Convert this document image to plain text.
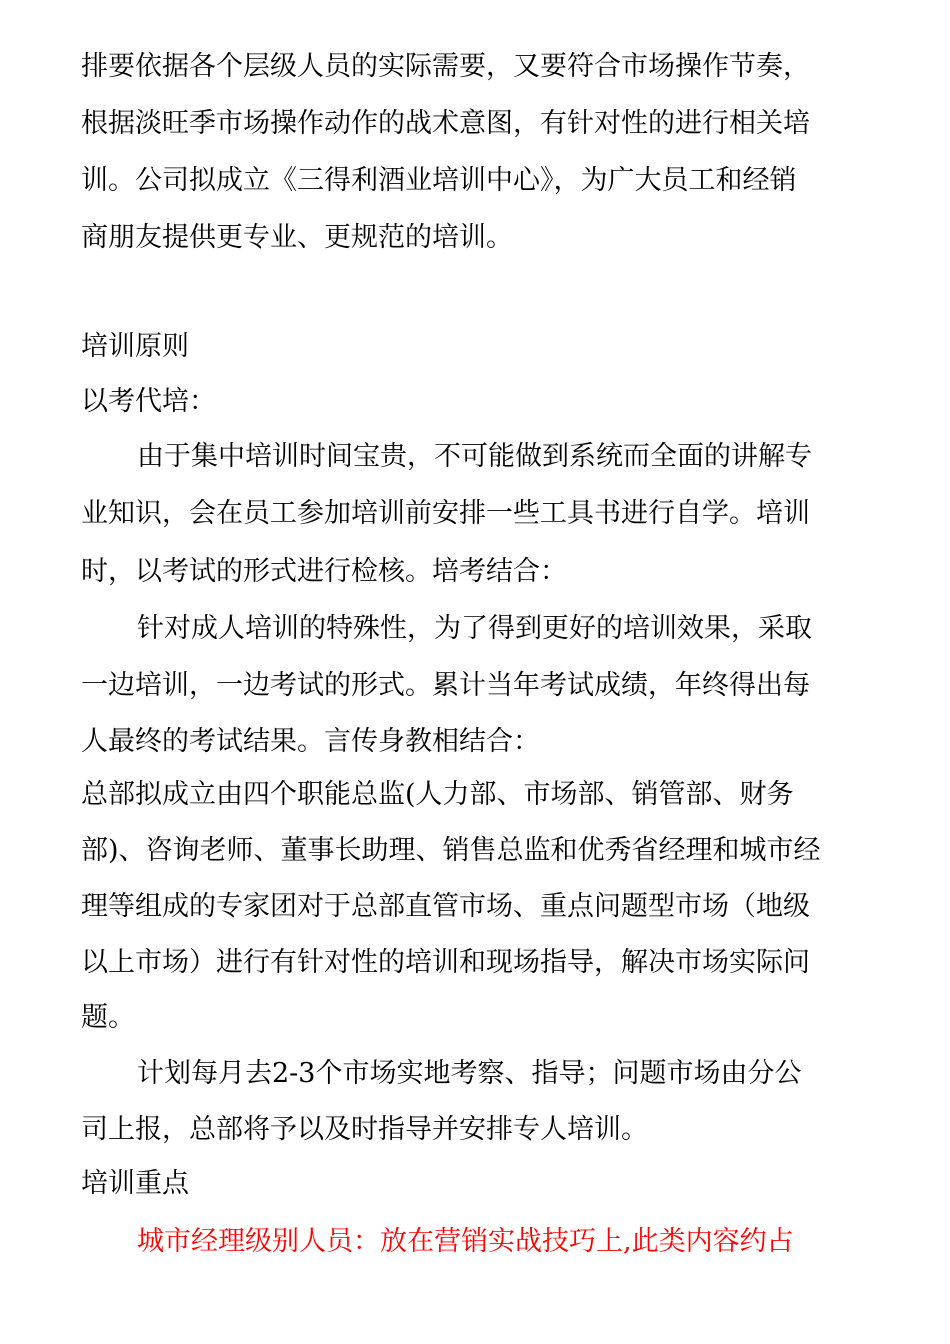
排要依据各个层级人员的实际需要，又要符合市场操作节奏，
根据淡旺季市场操作动作的战术意图，有针对性的进行相关培
训。公司拟成立《三得利酒业培训中心》，为广大员工和经销
商朋友提供更专业、更规范的培训。
培训原则
以考代培：
由于集中培训时间宝贵，不可能做到系统而全面的讲解专
业知识，会在员工参加培训前安排一些工具书进行自学。培训
时，以考试的形式进行检核。培考结合：
针对成人培训的特殊性，为了得到更好的培训效果，采取
一边培训，一边考试的形式。累计当年考试成绩，年终得出每
人最终的考试结果。言传身教相结合：
总部拟成立由四个职能总监(人力部、市场部、销管部、财务
部)、咨询老师、董事长助理、销售总监和优秀省经理和城市经
理等组成的专家团对于总部直管市场、重点问题型市场（地级
以上市场）进行有针对性的培训和现场指导，解决市场实际问
题。
计划每月去2-3个市场实地考察、指导；问题市场由分公
司上报，总部将予以及时指导并安排专人培训。
培训重点
城市经理级别人员：放在营销实战技巧上,此类内容约占
